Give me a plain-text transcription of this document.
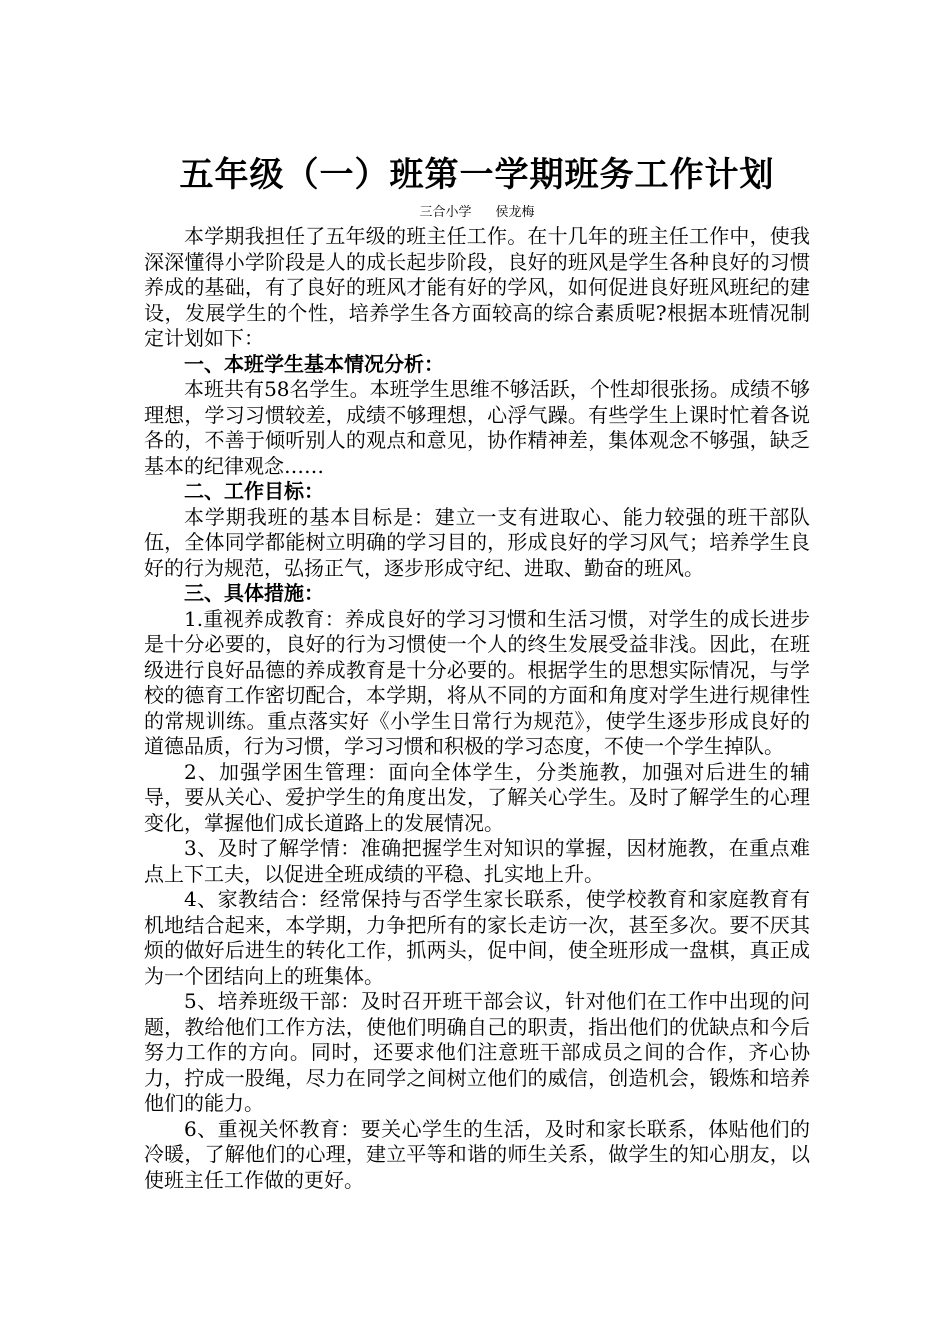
五年级（一）班第一学期班务工作计划
三合小学 侯龙梅

本学期我担任了五年级的班主任工作。在十几年的班主任工作中，使我深深懂得小学阶段是人的成长起步阶段，良好的班风是学生各种良好的习惯养成的基础，有了良好的班风才能有好的学风，如何促进良好班风班纪的建设，发展学生的个性，培养学生各方面较高的综合素质呢?根据本班情况制定计划如下：

一、本班学生基本情况分析：

本班共有58名学生。本班学生思维不够活跃，个性却很张扬。成绩不够理想，学习习惯较差，成绩不够理想，心浮气躁。有些学生上课时忙着各说各的，不善于倾听别人的观点和意见，协作精神差，集体观念不够强，缺乏基本的纪律观念……

二、工作目标：

本学期我班的基本目标是：建立一支有进取心、能力较强的班干部队伍，全体同学都能树立明确的学习目的，形成良好的学习风气；培养学生良好的行为规范，弘扬正气，逐步形成守纪、进取、勤奋的班风。

三、具体措施：

1.重视养成教育：养成良好的学习习惯和生活习惯，对学生的成长进步是十分必要的，良好的行为习惯使一个人的终生发展受益非浅。因此，在班级进行良好品德的养成教育是十分必要的。根据学生的思想实际情况，与学校的德育工作密切配合，本学期，将从不同的方面和角度对学生进行规律性的常规训练。重点落实好《小学生日常行为规范》，使学生逐步形成良好的道德品质，行为习惯，学习习惯和积极的学习态度，不使一个学生掉队。

2、加强学困生管理：面向全体学生，分类施教，加强对后进生的辅导，要从关心、爱护学生的角度出发，了解关心学生。及时了解学生的心理变化，掌握他们成长道路上的发展情况。

3、及时了解学情：准确把握学生对知识的掌握，因材施教，在重点难点上下工夫，以促进全班成绩的平稳、扎实地上升。

4、家教结合：经常保持与否学生家长联系，使学校教育和家庭教育有机地结合起来，本学期，力争把所有的家长走访一次，甚至多次。要不厌其烦的做好后进生的转化工作，抓两头，促中间，使全班形成一盘棋，真正成为一个团结向上的班集体。

5、培养班级干部：及时召开班干部会议，针对他们在工作中出现的问题，教给他们工作方法，使他们明确自己的职责，指出他们的优缺点和今后努力工作的方向。同时，还要求他们注意班干部成员之间的合作，齐心协力，拧成一股绳，尽力在同学之间树立他们的威信，创造机会，锻炼和培养他们的能力。

6、重视关怀教育：要关心学生的生活，及时和家长联系，体贴他们的冷暖，了解他们的心理，建立平等和谐的师生关系，做学生的知心朋友，以使班主任工作做的更好。
